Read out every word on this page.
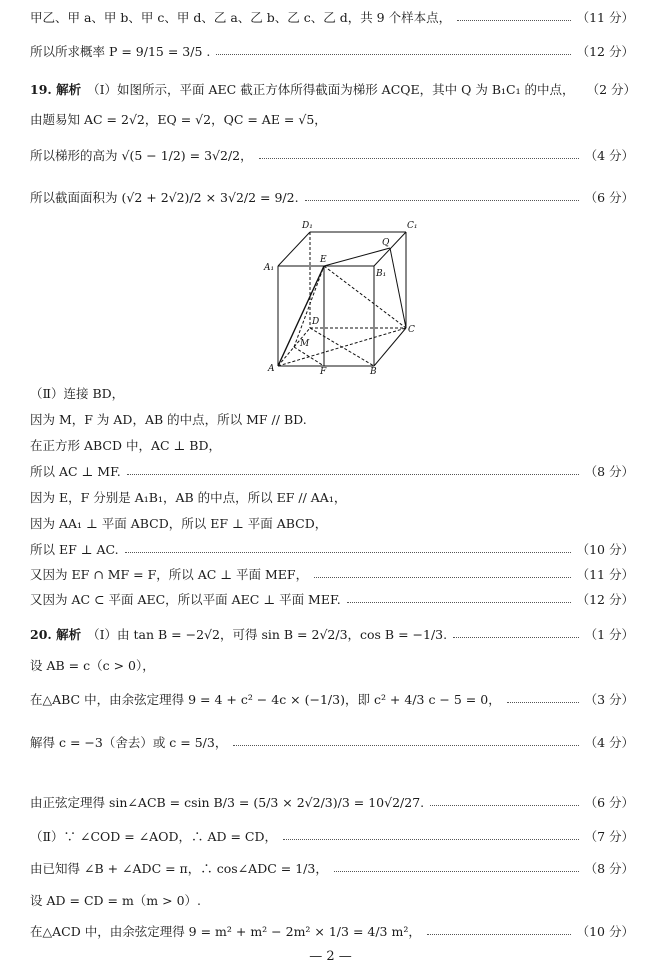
甲乙、甲 a、甲 b、甲 c、甲 d、乙 a、乙 b、乙 c、乙 d，共 9 个样本点，	（11 分）
所以所求概率 P = 9/15 = 3/5 .	（12 分）
19. 解析 （Ⅰ）如图所示，平面 AEC 截正方体所得截面为梯形 ACQE，其中 Q 为 B₁C₁ 的中点， （2 分）
由题易知 AC = 2√2，EQ = √2，QC = AE = √5，
所以梯形的高为 √(5 − 1/2) = 3√2/2，	（4 分）
所以截面面积为 (√2 + 2√2)/2 × 3√2/2 = 9/2.	（6 分）
D₁	C₁
A₁
E
Q
B₁
D
M
C
A	F	B
（Ⅱ）连接 BD，
因为 M，F 为 AD，AB 的中点，所以 MF // BD.
在正方形 ABCD 中，AC ⊥ BD，
所以 AC ⊥ MF.	（8 分）
因为 E，F 分别是 A₁B₁，AB 的中点，所以 EF // AA₁，
因为 AA₁ ⊥ 平面 ABCD，所以 EF ⊥ 平面 ABCD，
所以 EF ⊥ AC.	（10 分）
又因为 EF ∩ MF = F，所以 AC ⊥ 平面 MEF，	（11 分）
又因为 AC ⊂ 平面 AEC，所以平面 AEC ⊥ 平面 MEF.	（12 分）
20. 解析 （Ⅰ）由 tan B = −2√2，可得 sin B = 2√2/3，cos B = −1/3.	（1 分）
设 AB = c（c > 0），
在△ABC 中，由余弦定理得 9 = 4 + c² − 4c × (−1/3)，即 c² + 4/3 c − 5 = 0，	（3 分）
解得 c = −3（舍去）或 c = 5/3，	（4 分）
由正弦定理得 sin∠ACB = csin B/3 = (5/3 × 2√2/3)/3 = 10√2/27.	（6 分）
（Ⅱ）∵ ∠COD = ∠AOD，∴ AD = CD，	（7 分）
由已知得 ∠B + ∠ADC = π，∴ cos∠ADC = 1/3，	（8 分）
设 AD = CD = m（m > 0）.
在△ACD 中，由余弦定理得 9 = m² + m² − 2m² × 1/3 = 4/3 m²，	（10 分）
— 2 —
